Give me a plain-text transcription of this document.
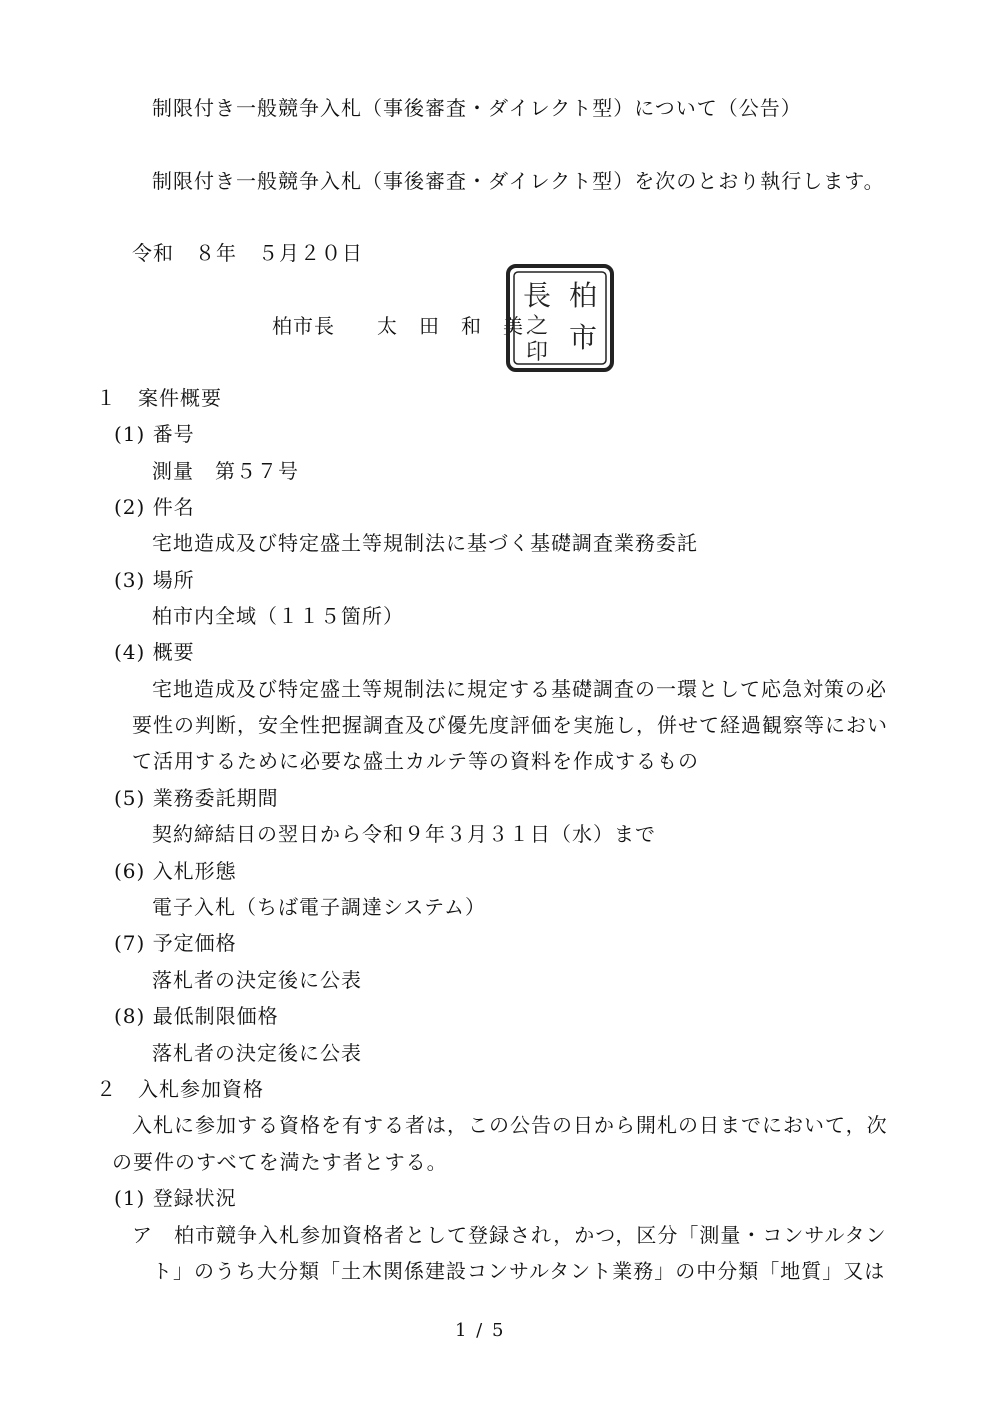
制限付き一般競争入札（事後審査・ダイレクト型）について（公告）
制限付き一般競争入札（事後審査・ダイレクト型）を次のとおり執行します。
令和　８年　５月２０日
柏市長　　太　田　和　美
柏
市
長
之
印
１　案件概要
(1) 番号
測量　第５７号
(2) 件名
宅地造成及び特定盛土等規制法に基づく基礎調査業務委託
(3) 場所
柏市内全域（１１５箇所）
(4) 概要
宅地造成及び特定盛土等規制法に規定する基礎調査の一環として応急対策の必
要性の判断，安全性把握調査及び優先度評価を実施し，併せて経過観察等におい
て活用するために必要な盛土カルテ等の資料を作成するもの
(5) 業務委託期間
契約締結日の翌日から令和９年３月３１日（水）まで
(6) 入札形態
電子入札（ちば電子調達システム）
(7) 予定価格
落札者の決定後に公表
(8) 最低制限価格
落札者の決定後に公表
２　入札参加資格
入札に参加する資格を有する者は，この公告の日から開札の日までにおいて，次
の要件のすべてを満たす者とする。
(1) 登録状況
ア　柏市競争入札参加資格者として登録され，かつ，区分「測量・コンサルタン
ト」のうち大分類「土木関係建設コンサルタント業務」の中分類「地質」又は
1 / 5
